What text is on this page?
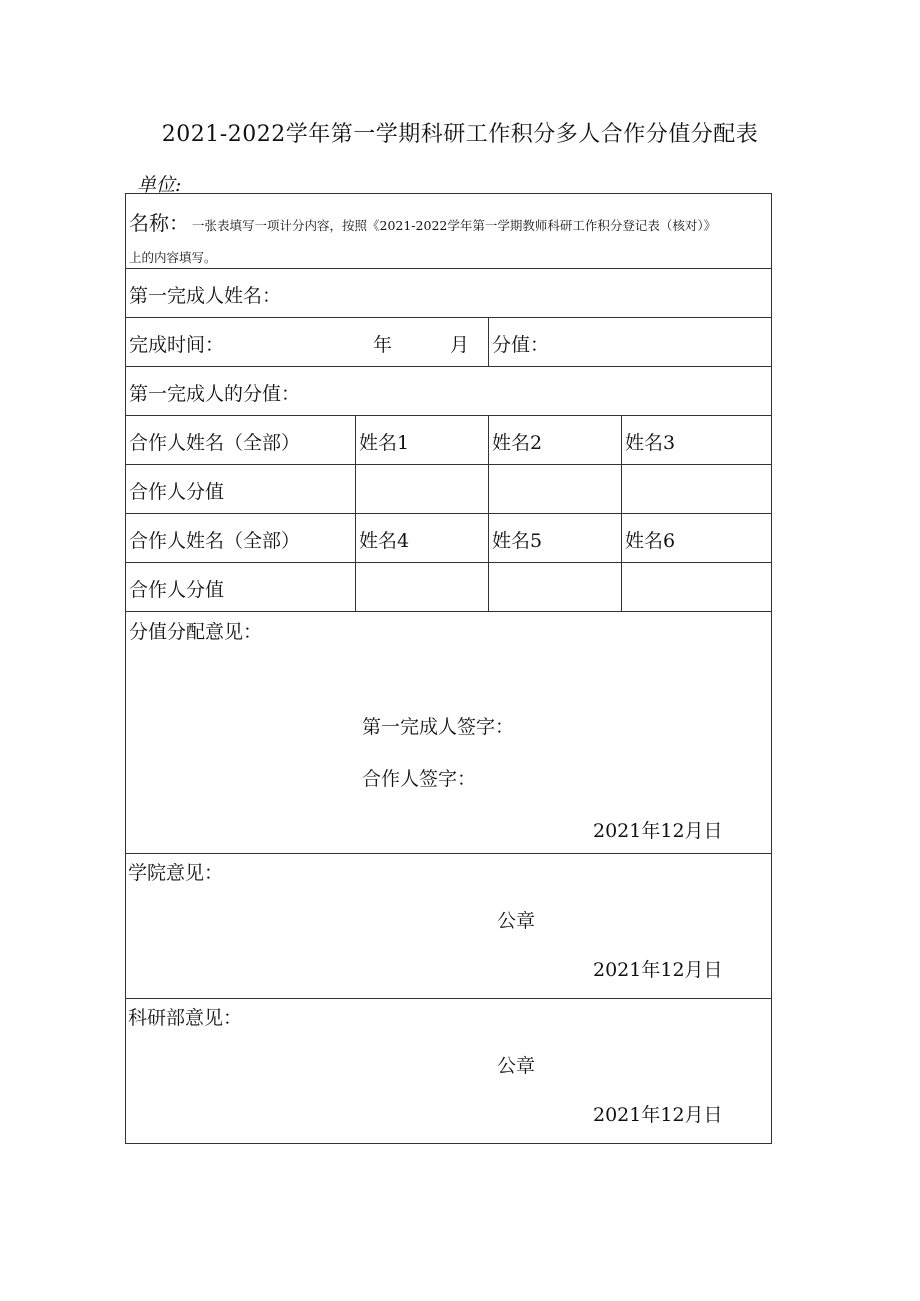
2021-2022学年第一学期科研工作积分多人合作分值分配表
单位:
名称： 一张表填写一项计分内容，按照《2021-2022学年第一学期教师科研工作积分登记表（核对）》
上的内容填写。
第一完成人姓名：
完成时间：	年	月 分值：
第一完成人的分值：
合作人姓名（全部）	姓名1	姓名2	姓名3
合作人分值
合作人姓名（全部）	姓名4	姓名5	姓名6
合作人分值
分值分配意见：
第一完成人签字：
合作人签字：
2021年12月日
学院意见：
公章
2021年12月日
科研部意见：
公章
2021年12月日
